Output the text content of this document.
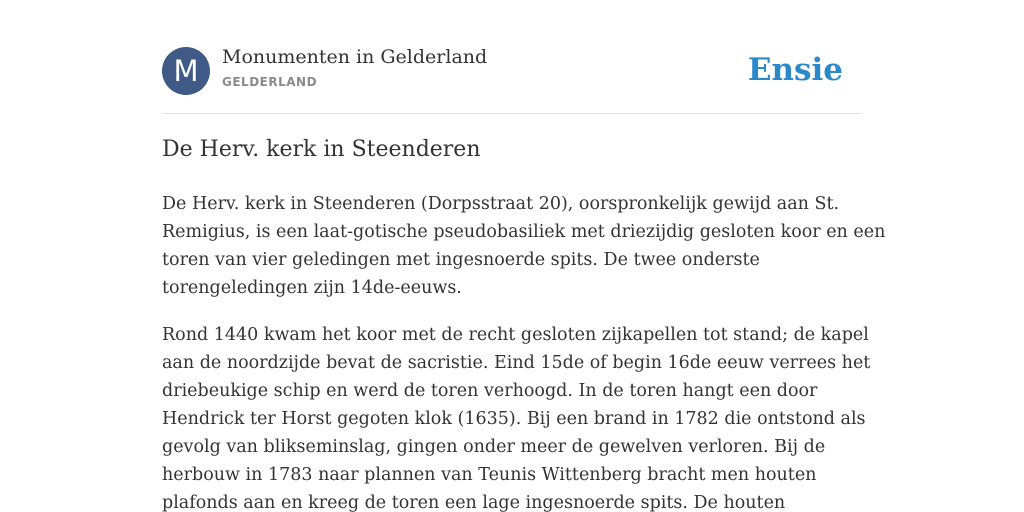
M	Monumenten in Gelderland
GELDERLAND	Ensie
De Herv. kerk in Steenderen

De Herv. kerk in Steenderen (Dorpsstraat 20), oorspronkelijk gewijd aan St.
Remigius, is een laat-gotische pseudobasiliek met driezijdig gesloten koor en een
toren van vier geledingen met ingesnoerde spits. De twee onderste
torengeledingen zijn 14de-eeuws.

Rond 1440 kwam het koor met de recht gesloten zijkapellen tot stand; de kapel
aan de noordzijde bevat de sacristie. Eind 15de of begin 16de eeuw verrees het
driebeukige schip en werd de toren verhoogd. In de toren hangt een door
Hendrick ter Horst gegoten klok (1635). Bij een brand in 1782 die ontstond als
gevolg van blikseminslag, gingen onder meer de gewelven verloren. Bij de
herbouw in 1783 naar plannen van Teunis Wittenberg bracht men houten
plafonds aan en kreeg de toren een lage ingesnoerde spits. De houten
